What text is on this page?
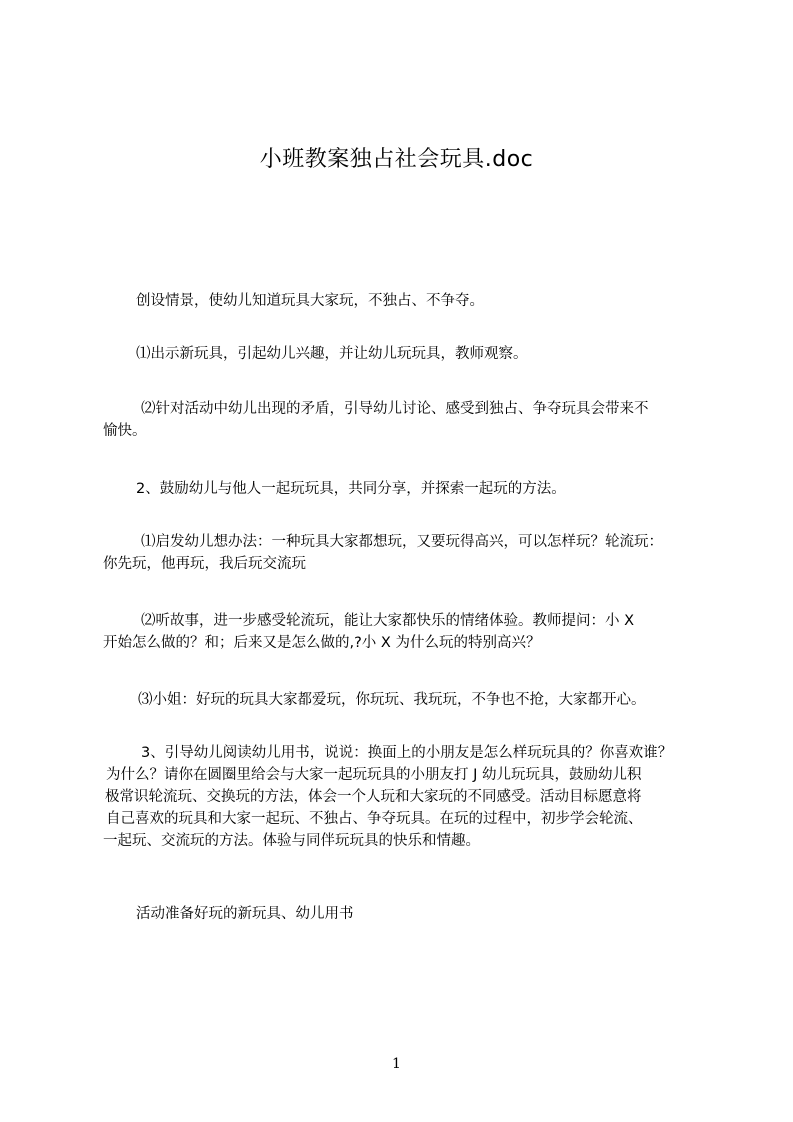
小班教案独占社会玩具.doc
创设情景，使幼儿知道玩具大家玩，不独占、不争夺。
⑴出示新玩具，引起幼儿兴趣，并让幼儿玩玩具，教师观察。
⑵针对活动中幼儿出现的矛盾，引导幼儿讨论、感受到独占、争夺玩具会带来不
愉快。
2、鼓励幼儿与他人一起玩玩具，共同分享，并探索一起玩的方法。
⑴启发幼儿想办法：一种玩具大家都想玩，又要玩得高兴，可以怎样玩？轮流玩：
你先玩，他再玩，我后玩交流玩
⑵听故事，进一步感受轮流玩，能让大家都快乐的情绪体验。教师提问：小 X
开始怎么做的？和；后来又是怎么做的,?小 X 为什么玩的特别高兴？
⑶小姐：好玩的玩具大家都爱玩，你玩玩、我玩玩，不争也不抢，大家都开心。
3、引导幼儿阅读幼儿用书，说说：换面上的小朋友是怎么样玩玩具的？你喜欢谁？
为什么？请你在圆圈里给会与大家一起玩玩具的小朋友打 J 幼儿玩玩具，鼓励幼儿积
极常识轮流玩、交换玩的方法，体会一个人玩和大家玩的不同感受。活动目标愿意将
自己喜欢的玩具和大家一起玩、不独占、争夺玩具。在玩的过程中，初步学会轮流、
一起玩、交流玩的方法。体验与同伴玩玩具的快乐和情趣。
活动准备好玩的新玩具、幼儿用书
1
